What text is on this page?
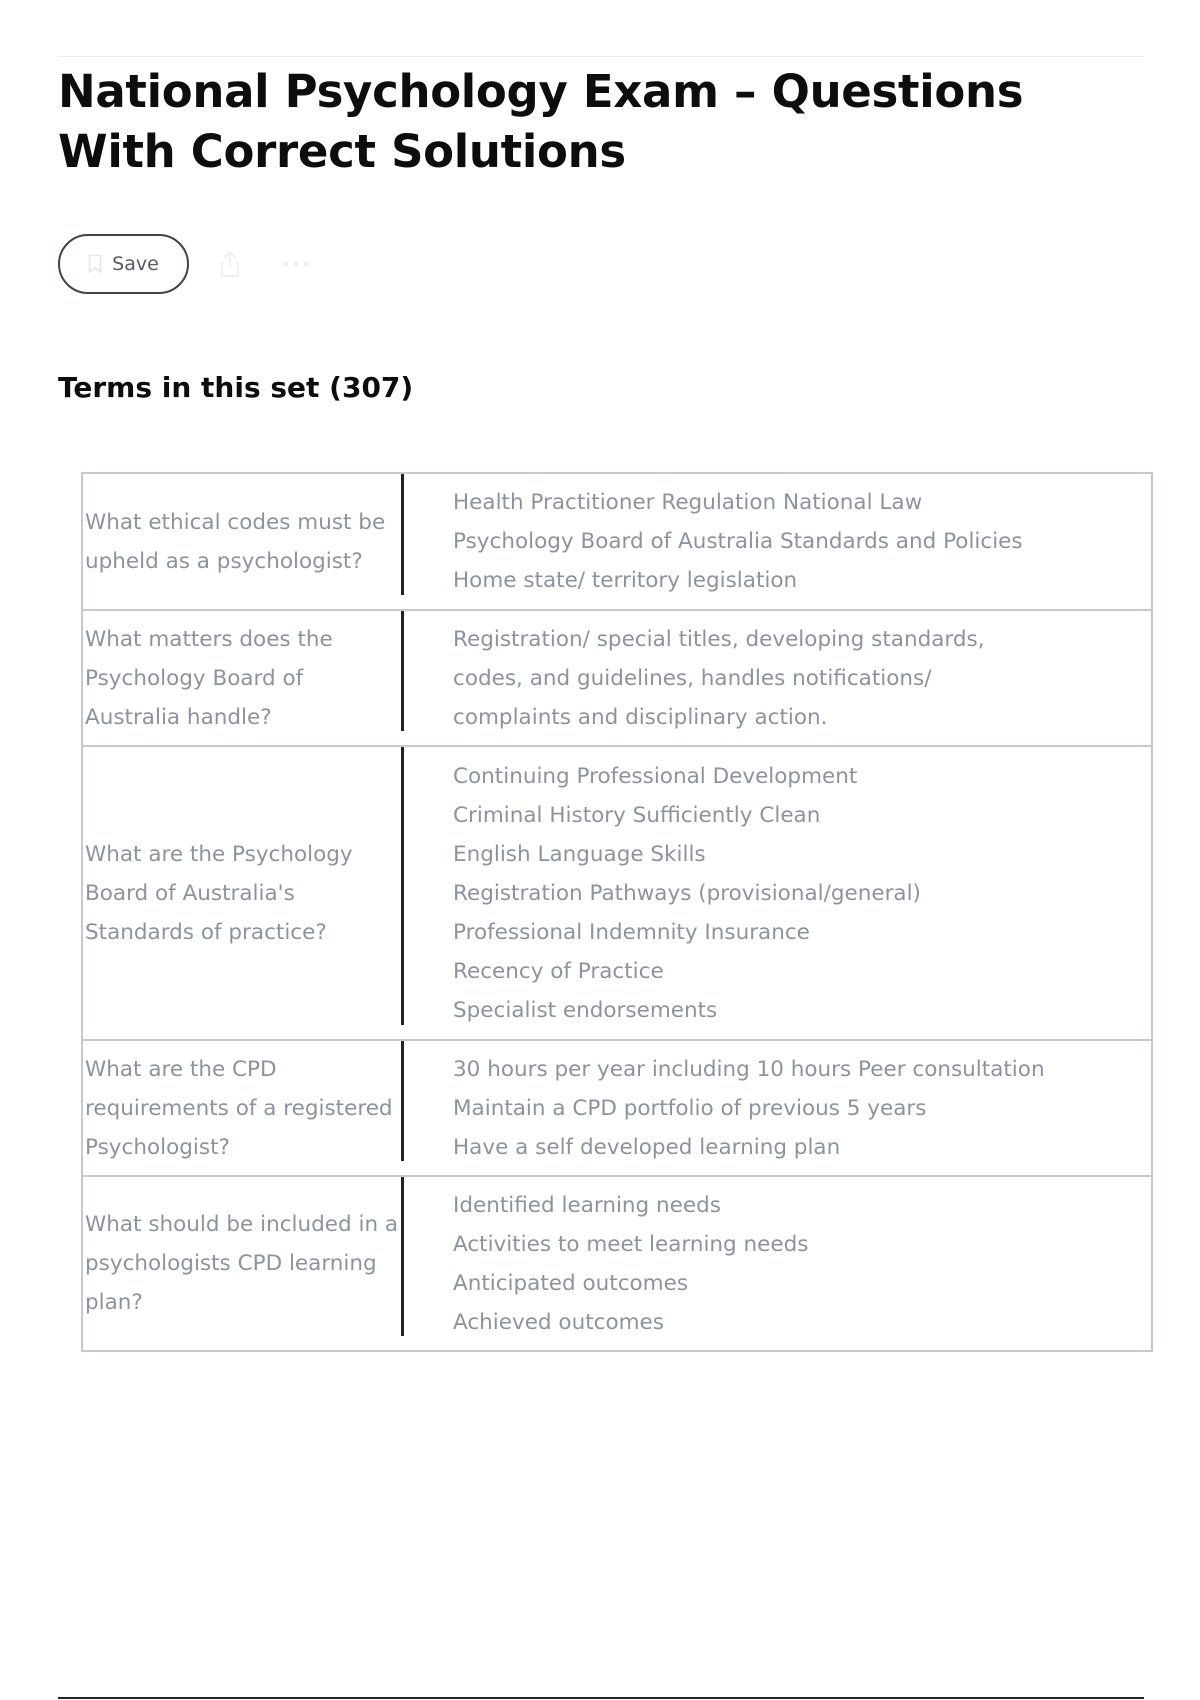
National Psychology Exam – Questions With Correct Solutions
Save
Terms in this set (307)
What ethical codes must be upheld as a psychologist?
Health Practitioner Regulation National Law
Psychology Board of Australia Standards and Policies
Home state/ territory legislation
What matters does the Psychology Board of Australia handle?
Registration/ special titles, developing standards,
codes, and guidelines, handles notifications/
complaints and disciplinary action.
What are the Psychology Board of Australia's Standards of practice?
Continuing Professional Development
Criminal History Sufficiently Clean
English Language Skills
Registration Pathways (provisional/general)
Professional Indemnity Insurance
Recency of Practice
Specialist endorsements
What are the CPD requirements of a registered Psychologist?
30 hours per year including 10 hours Peer consultation
Maintain a CPD portfolio of previous 5 years
Have a self developed learning plan
What should be included in a psychologists CPD learning plan?
Identified learning needs
Activities to meet learning needs
Anticipated outcomes
Achieved outcomes
